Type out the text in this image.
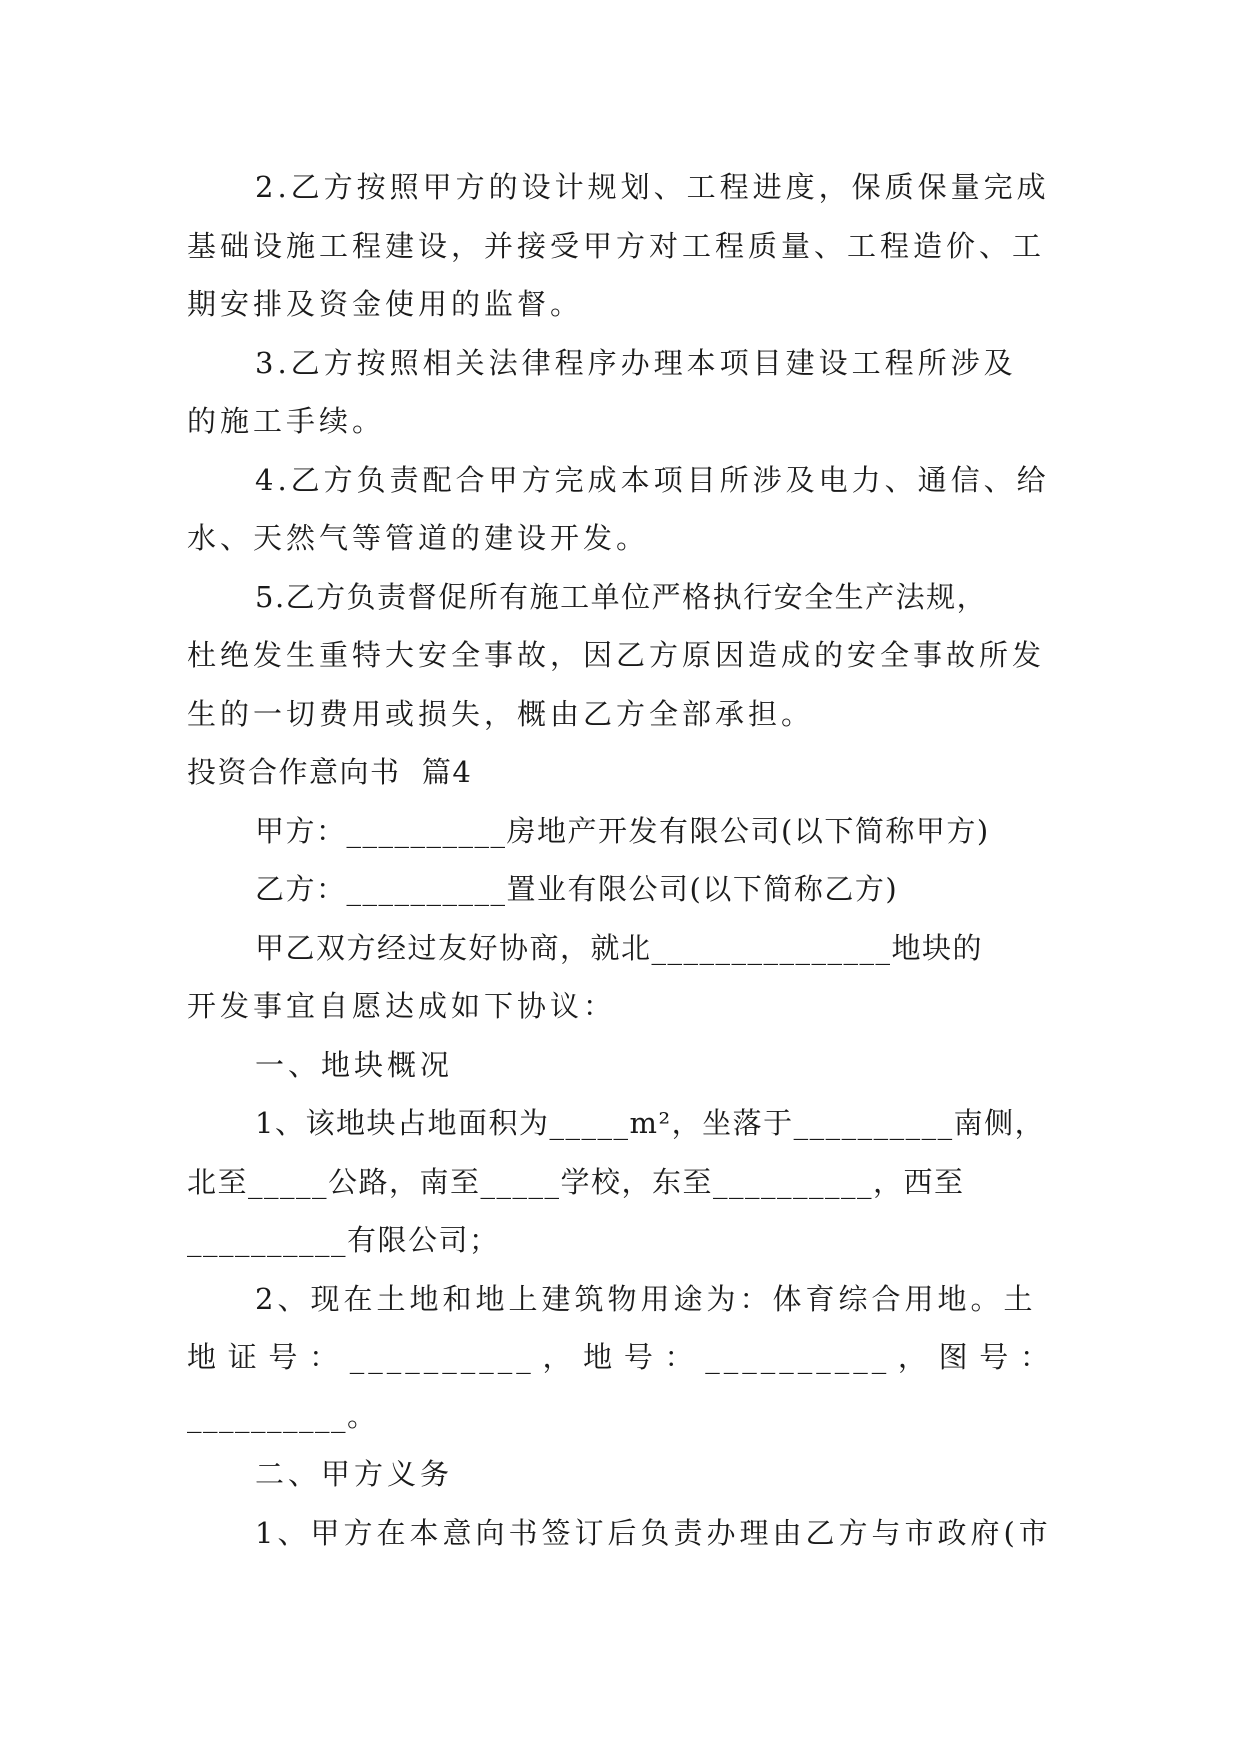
2.乙方按照甲方的设计规划、工程进度，保质保量完成
基础设施工程建设，并接受甲方对工程质量、工程造价、工
期安排及资金使用的监督。
3.乙方按照相关法律程序办理本项目建设工程所涉及
的施工手续。
4.乙方负责配合甲方完成本项目所涉及电力、通信、给
水、天然气等管道的建设开发。
5.乙方负责督促所有施工单位严格执行安全生产法规，
杜绝发生重特大安全事故，因乙方原因造成的安全事故所发
生的一切费用或损失，概由乙方全部承担。
投资合作意向书  篇4
甲方：__________房地产开发有限公司(以下简称甲方)
乙方：__________置业有限公司(以下简称乙方)
甲乙双方经过友好协商，就北_______________地块的
开发事宜自愿达成如下协议：
一、地块概况
1、该地块占地面积为_____m²，坐落于__________南侧，
北至_____公路，南至_____学校，东至__________，西至
__________有限公司；
2、现在土地和地上建筑物用途为：体育综合用地。土
地证号：__________，地号：__________，图号：
__________。
二、甲方义务
1、甲方在本意向书签订后负责办理由乙方与市政府(市
